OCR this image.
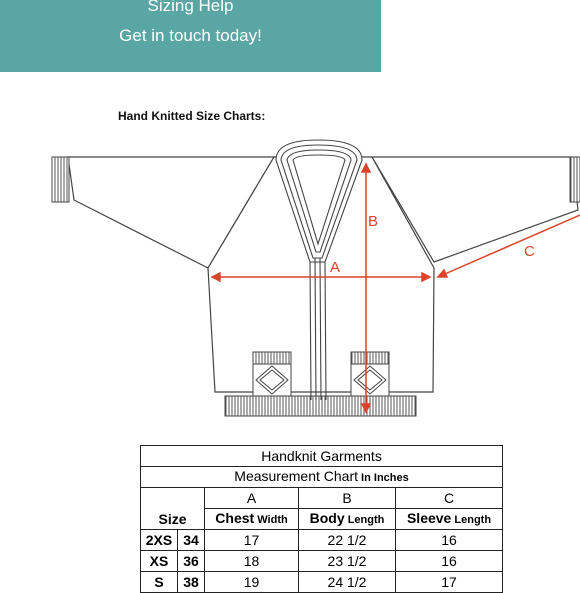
Sizing Help
Get in touch today!
Hand Knitted Size Charts:
A
B
C
Handknit Garments				
Measurement Chart In Inches				
		A	B	C
Size		Chest Width	Body Length	Sleeve Length
2XS	34	17	22 1/2	16
XS	36	18	23 1/2	16
S	38	19	24 1/2	17
